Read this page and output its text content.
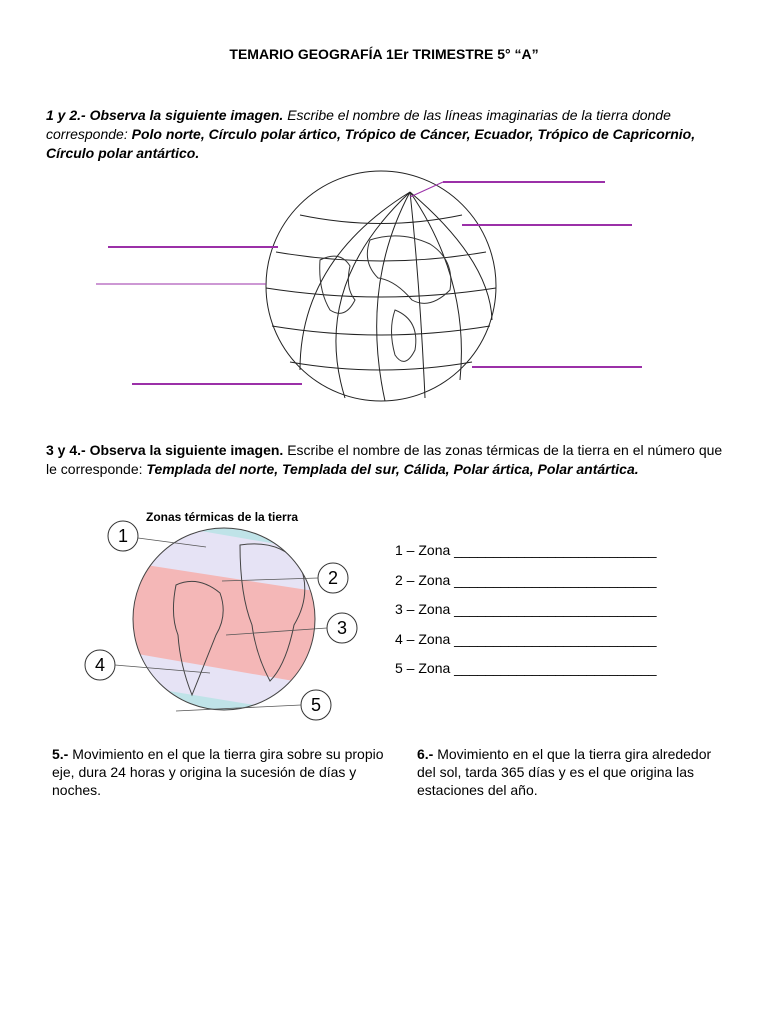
TEMARIO GEOGRAFÍA 1Er TRIMESTRE 5° “A”
1 y 2.- Observa la siguiente imagen. Escribe el nombre de las líneas imaginarias de la tierra donde corresponde: Polo norte, Círculo polar ártico, Trópico de Cáncer, Ecuador, Trópico de Capricornio, Círculo polar antártico.
3 y 4.- Observa la siguiente imagen. Escribe el nombre de las zonas térmicas de la tierra en el número que le corresponde: Templada del norte, Templada del sur, Cálida, Polar ártica, Polar antártica.
Zonas térmicas de la tierra
1
2
3
4
5
1 – Zona __________________________
2 – Zona __________________________
3 – Zona __________________________
4 – Zona __________________________
5 – Zona __________________________
5.- Movimiento en el que la tierra gira sobre su propio eje, dura 24 horas y origina la sucesión de días y noches.
6.- Movimiento en el que la tierra gira alrededor del sol, tarda 365 días y es el que origina las estaciones del año.
